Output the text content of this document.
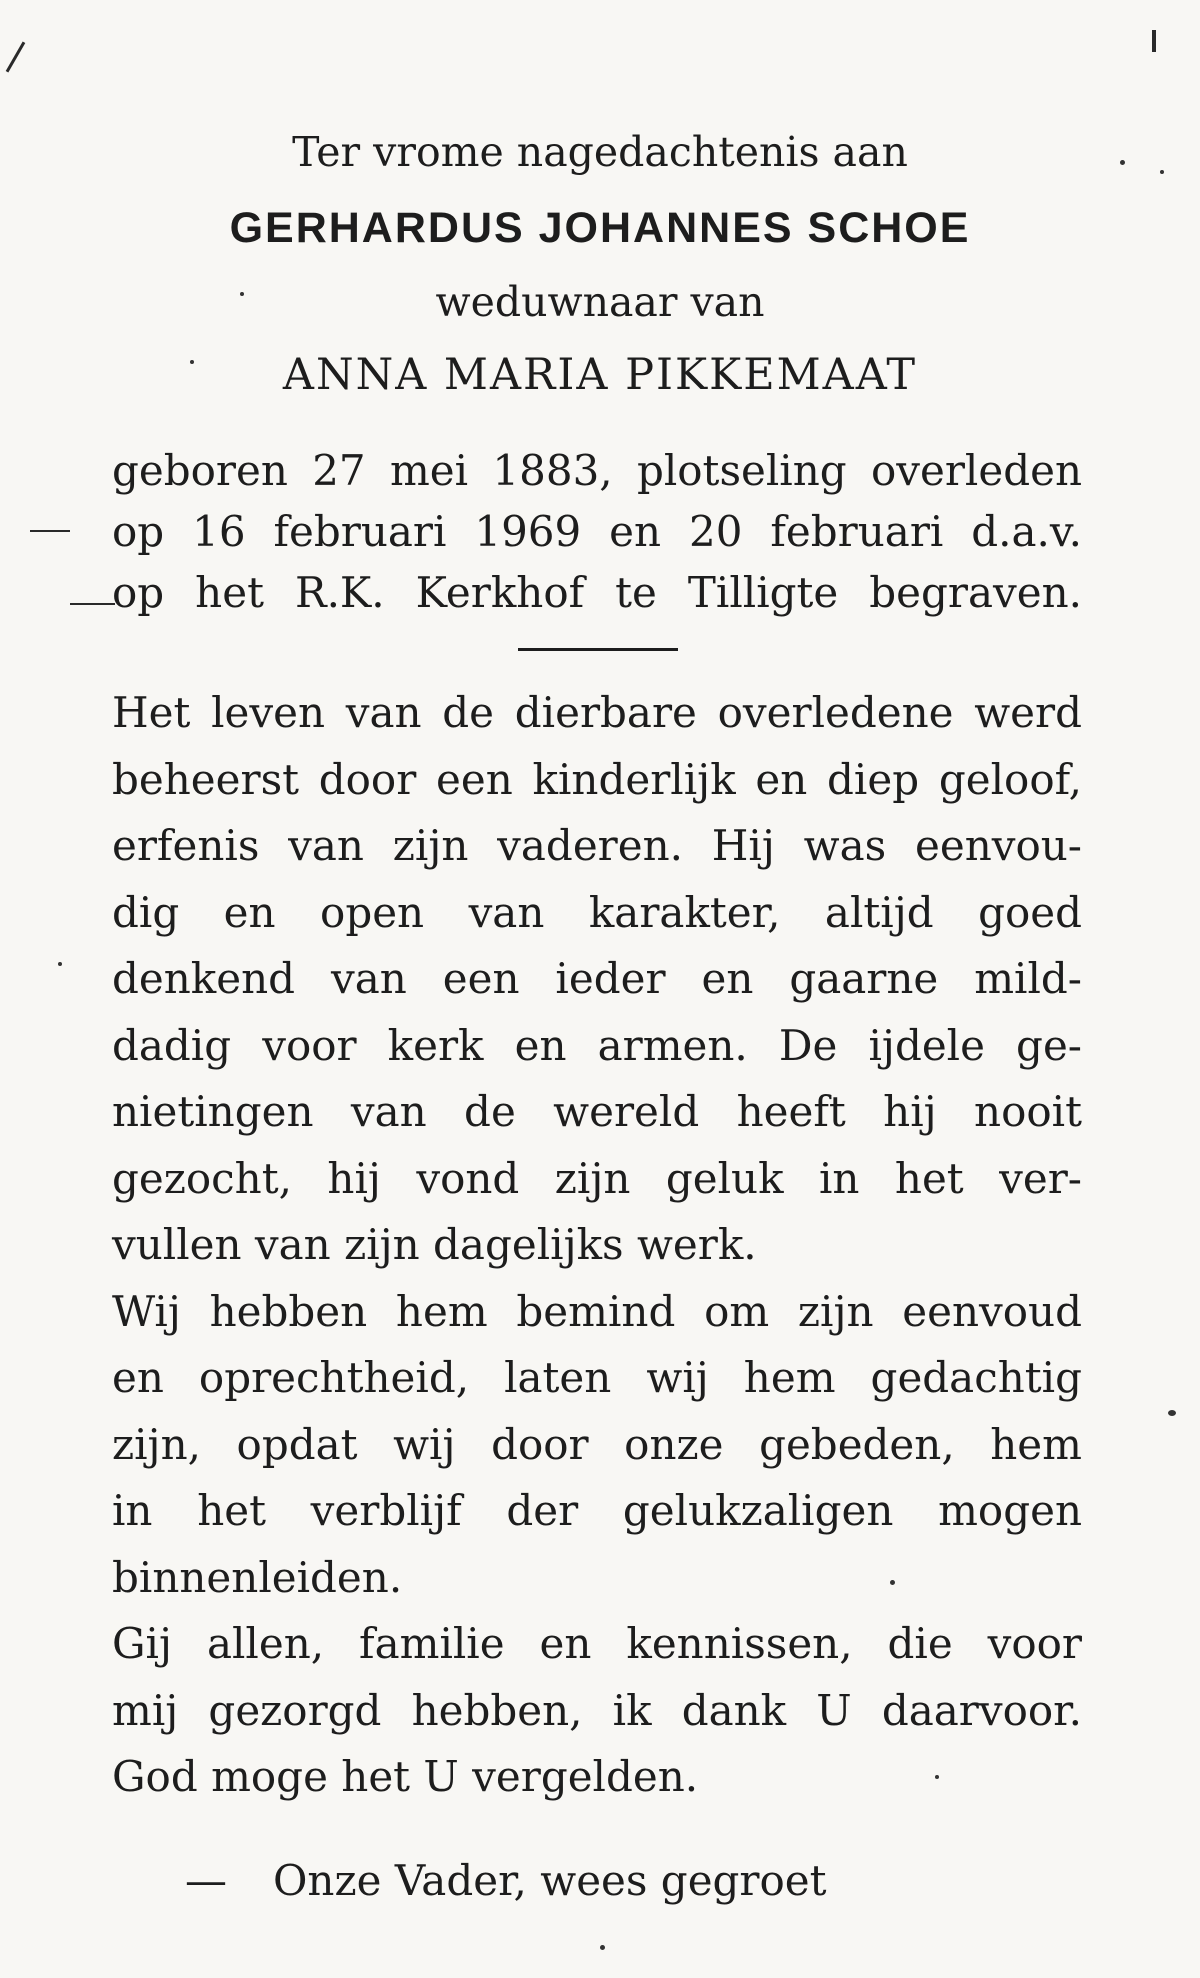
Ter vrome nagedachtenis aan

GERHARDUS JOHANNES SCHOE

weduwnaar van

ANNA MARIA PIKKEMAAT

geboren 27 mei 1883, plotseling overleden
op 16 februari 1969 en 20 februari d.a.v.
op het R.K. Kerkhof te Tilligte begraven.
Het leven van de dierbare overledene werd
beheerst door een kinderlijk en diep geloof,
erfenis van zijn vaderen. Hij was eenvou-
dig en open van karakter, altijd goed
denkend van een ieder en gaarne mild-
dadig voor kerk en armen. De ijdele ge-
nietingen van de wereld heeft hij nooit
gezocht, hij vond zijn geluk in het ver-
vullen van zijn dagelijks werk.
Wij hebben hem bemind om zijn eenvoud
en oprechtheid, laten wij hem gedachtig
zijn, opdat wij door onze gebeden, hem
in het verblijf der gelukzaligen mogen
binnenleiden.
Gij allen, familie en kennissen, die voor
mij gezorgd hebben, ik dank U daarvoor.
God moge het U vergelden.

— Onze Vader, wees gegroet
